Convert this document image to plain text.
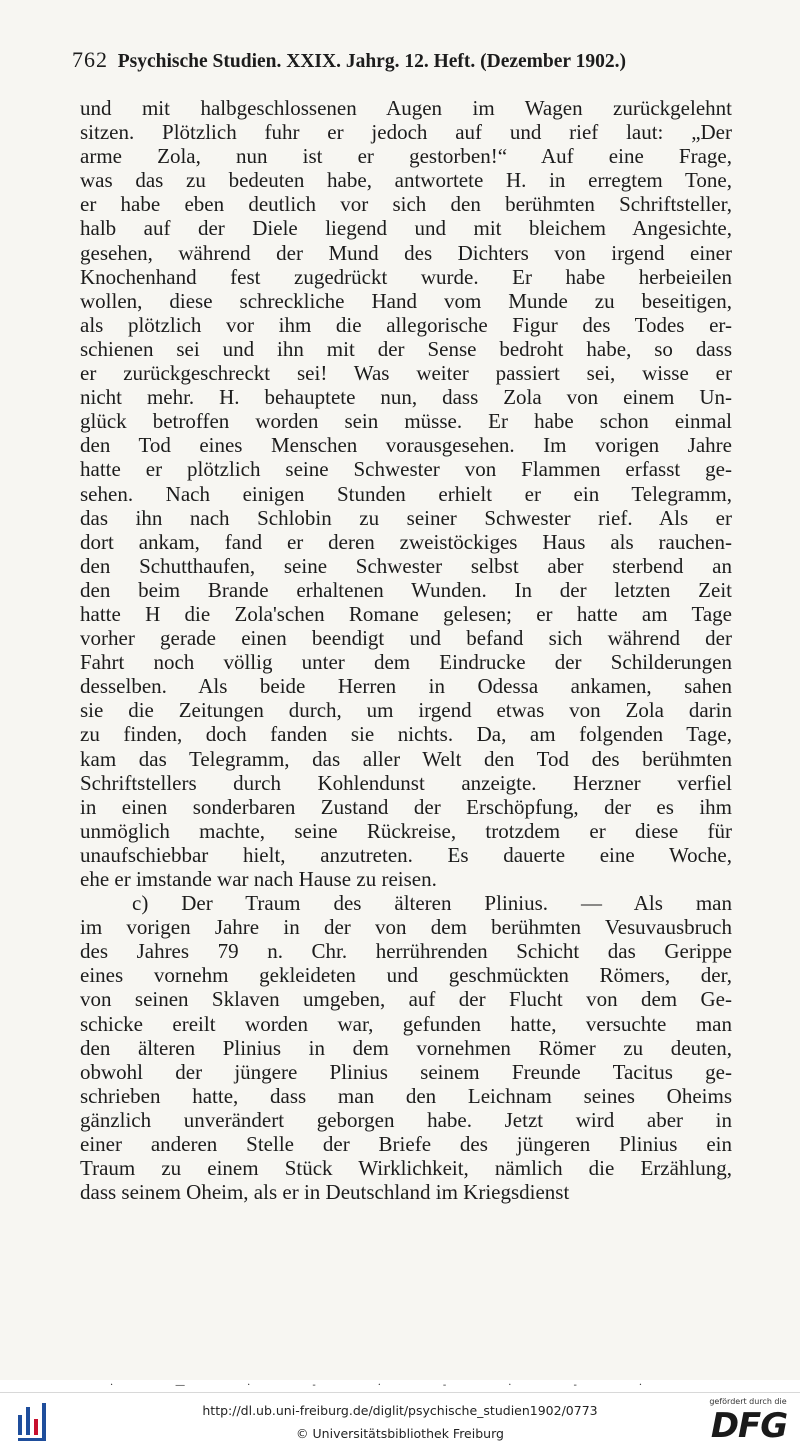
762 Psychische Studien. XXIX. Jahrg. 12. Heft. (Dezember 1902.)
und mit halbgeschlossenen Augen im Wagen zurückgelehnt
sitzen. Plötzlich fuhr er jedoch auf und rief laut: „Der
arme Zola, nun ist er gestorben!“ Auf eine Frage,
was das zu bedeuten habe, antwortete H. in erregtem Tone,
er habe eben deutlich vor sich den berühmten Schriftsteller,
halb auf der Diele liegend und mit bleichem Angesichte,
gesehen, während der Mund des Dichters von irgend einer
Knochenhand fest zugedrückt wurde. Er habe herbeieilen
wollen, diese schreckliche Hand vom Munde zu beseitigen,
als plötzlich vor ihm die allegorische Figur des Todes er-
schienen sei und ihn mit der Sense bedroht habe, so dass
er zurückgeschreckt sei! Was weiter passiert sei, wisse er
nicht mehr. H. behauptete nun, dass Zola von einem Un-
glück betroffen worden sein müsse. Er habe schon einmal
den Tod eines Menschen vorausgesehen. Im vorigen Jahre
hatte er plötzlich seine Schwester von Flammen erfasst ge-
sehen. Nach einigen Stunden erhielt er ein Telegramm,
das ihn nach Schlobin zu seiner Schwester rief. Als er
dort ankam, fand er deren zweistöckiges Haus als rauchen-
den Schutthaufen, seine Schwester selbst aber sterbend an
den beim Brande erhaltenen Wunden. In der letzten Zeit
hatte H die Zola'schen Romane gelesen; er hatte am Tage
vorher gerade einen beendigt und befand sich während der
Fahrt noch völlig unter dem Eindrucke der Schilderungen
desselben. Als beide Herren in Odessa ankamen, sahen
sie die Zeitungen durch, um irgend etwas von Zola darin
zu finden, doch fanden sie nichts. Da, am folgenden Tage,
kam das Telegramm, das aller Welt den Tod des berühmten
Schriftstellers durch Kohlendunst anzeigte. Herzner verfiel
in einen sonderbaren Zustand der Erschöpfung, der es ihm
unmöglich machte, seine Rückreise, trotzdem er diese für
unaufschiebbar hielt, anzutreten. Es dauerte eine Woche,
ehe er imstande war nach Hause zu reisen.
c) Der Traum des älteren Plinius. — Als man
im vorigen Jahre in der von dem berühmten Vesuvausbruch
des Jahres 79 n. Chr. herrührenden Schicht das Gerippe
eines vornehm gekleideten und geschmückten Römers, der,
von seinen Sklaven umgeben, auf der Flucht von dem Ge-
schicke ereilt worden war, gefunden hatte, versuchte man
den älteren Plinius in dem vornehmen Römer zu deuten,
obwohl der jüngere Plinius seinem Freunde Tacitus ge-
schrieben hatte, dass man den Leichnam seines Oheims
gänzlich unverändert geborgen habe. Jetzt wird aber in
einer anderen Stelle der Briefe des jüngeren Plinius ein
Traum zu einem Stück Wirklichkeit, nämlich die Erzählung,
dass seinem Oheim, als er in Deutschland im Kriegsdienst
·—·-·-·-·
http://dl.ub.uni-freiburg.de/diglit/psychische_studien1902/0773
© Universitätsbibliothek Freiburg
gefördert durch die
DFG
